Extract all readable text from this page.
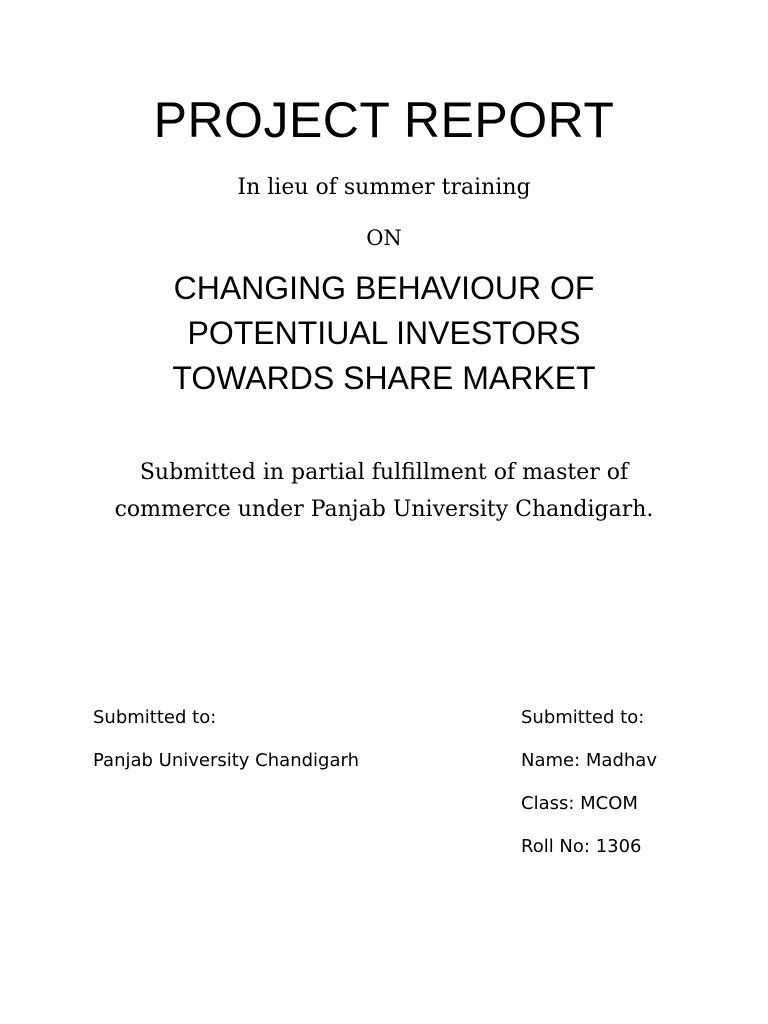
PROJECT REPORT
In lieu of summer training
ON
CHANGING BEHAVIOUR OF
POTENTIUAL INVESTORS
TOWARDS SHARE MARKET
Submitted in partial fulfillment of master of
commerce under Panjab University Chandigarh.
Submitted to:
Panjab University Chandigarh
Submitted to:
Name: Madhav
Class: MCOM
Roll No: 1306
